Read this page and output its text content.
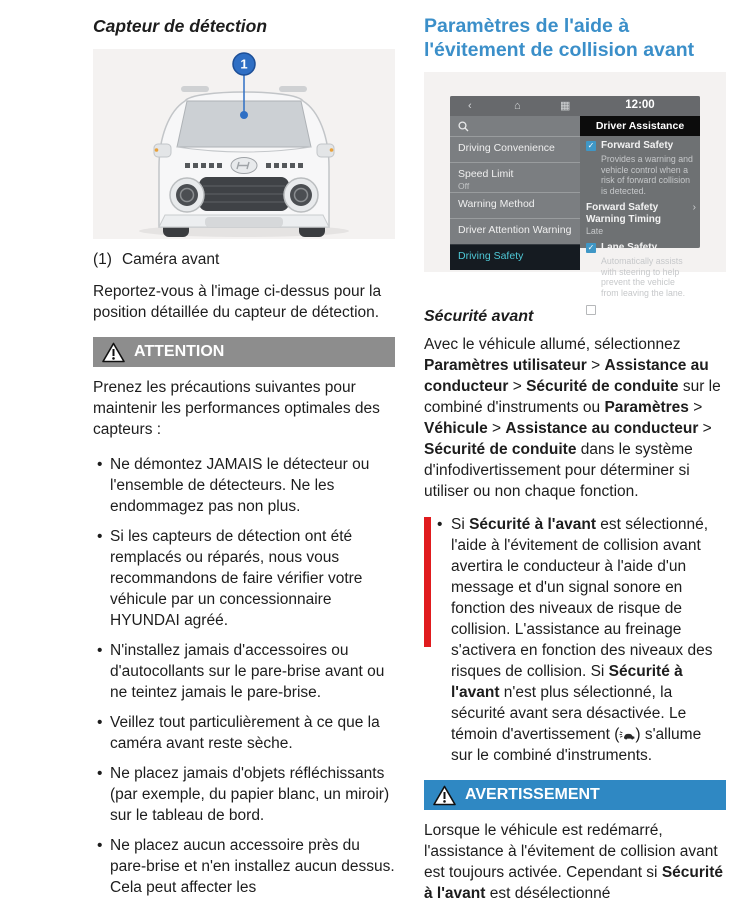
Capteur de détection
1

(1) Caméra avant

Reportez-vous à l'image ci-dessus pour la position détaillée du capteur de détection.

ATTENTION

Prenez les précautions suivantes pour maintenir les performances optimales des capteurs :

• Ne démontez JAMAIS le détecteur ou l'ensemble de détecteurs. Ne les endommagez pas non plus.
• Si les capteurs de détection ont été remplacés ou réparés, nous vous recommandons de faire vérifier votre véhicule par un concessionnaire HYUNDAI agréé.
• N'installez jamais d'accessoires ou d'autocollants sur le pare-brise avant ou ne teintez jamais le pare-brise.
• Veillez tout particulièrement à ce que la caméra avant reste sèche.
• Ne placez jamais d'objets réfléchissants (par exemple, du papier blanc, un miroir) sur le tableau de bord.
• Ne placez aucun accessoire près du pare-brise et n'en installez aucun dessus. Cela peut affecter les
Paramètres de l'aide à l'évitement de collision avant
‹	⌂	▦	12:00
Driving Convenience
Speed Limit
Off
Warning Method
Driver Attention Warning
Driving Safety
Driver Assistance
✓ Forward Safety
Provides a warning and vehicle control when a risk of forward collision is detected.
Forward Safety Warning Timing
›
Late
✓ Lane Safety
Automatically assists with steering to help prevent the vehicle from leaving the lane.
Sécurité avant

Avec le véhicule allumé, sélectionnez Paramètres utilisateur > Assistance au conducteur > Sécurité de conduite sur le combiné d'instruments ou Paramètres > Véhicule > Assistance au conducteur > Sécurité de conduite dans le système d'infodivertissement pour déterminer si utiliser ou non chaque fonction.

• Si Sécurité à l'avant est sélectionné, l'aide à l'évitement de collision avant avertira le conducteur à l'aide d'un message et d'un signal sonore en fonction des niveaux de risque de collision. L'assistance au freinage s'activera en fonction des niveaux des risques de collision. Si Sécurité à l'avant n'est plus sélectionné, la sécurité avant sera désactivée. Le témoin d'avertissement ( ) s'allume sur le combiné d'instruments.
AVERTISSEMENT

Lorsque le véhicule est redémarré, l'assistance à l'évitement de collision avant est toujours activée. Cependant si Sécurité à l'avant est désélectionné
